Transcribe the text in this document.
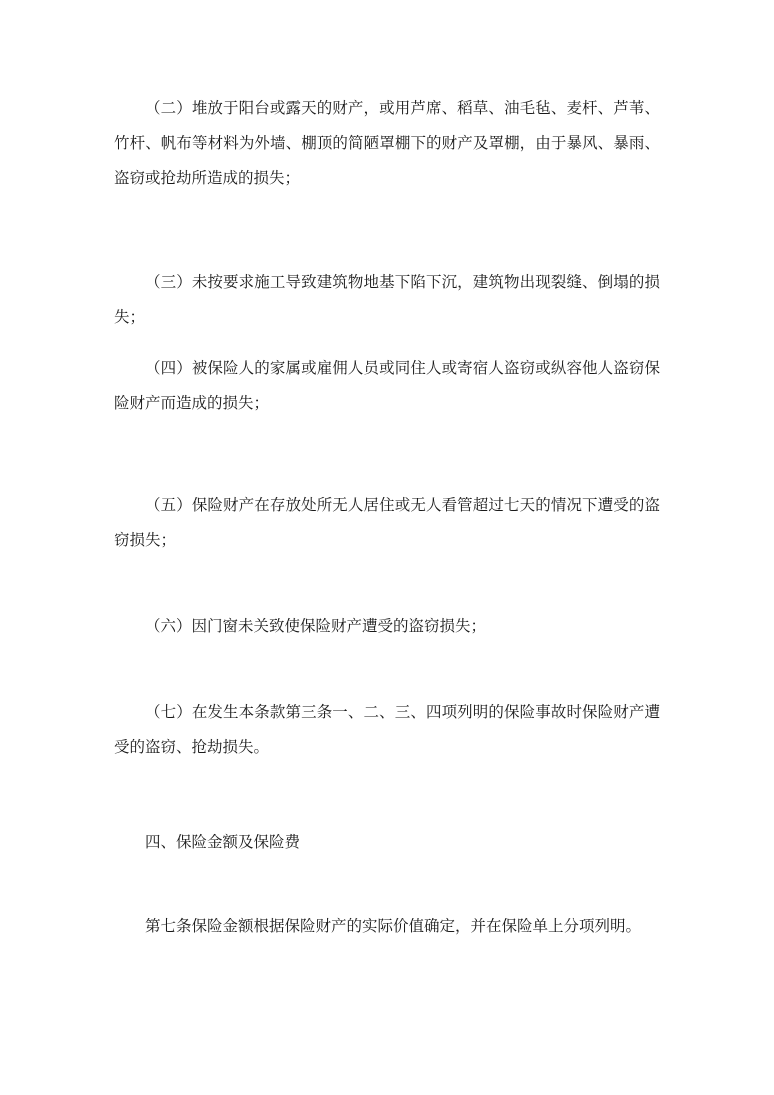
（二）堆放于阳台或露天的财产，或用芦席、稻草、油毛毡、麦杆、芦苇、竹杆、帆布等材料为外墙、棚顶的简陋罩棚下的财产及罩棚，由于暴风、暴雨、盗窃或抢劫所造成的损失；

（三）未按要求施工导致建筑物地基下陷下沉，建筑物出现裂缝、倒塌的损失；

（四）被保险人的家属或雇佣人员或同住人或寄宿人盗窃或纵容他人盗窃保险财产而造成的损失；

（五）保险财产在存放处所无人居住或无人看管超过七天的情况下遭受的盗窃损失；

（六）因门窗未关致使保险财产遭受的盗窃损失；

（七）在发生本条款第三条一、二、三、四项列明的保险事故时保险财产遭受的盗窃、抢劫损失。

四、保险金额及保险费

第七条保险金额根据保险财产的实际价值确定，并在保险单上分项列明。
